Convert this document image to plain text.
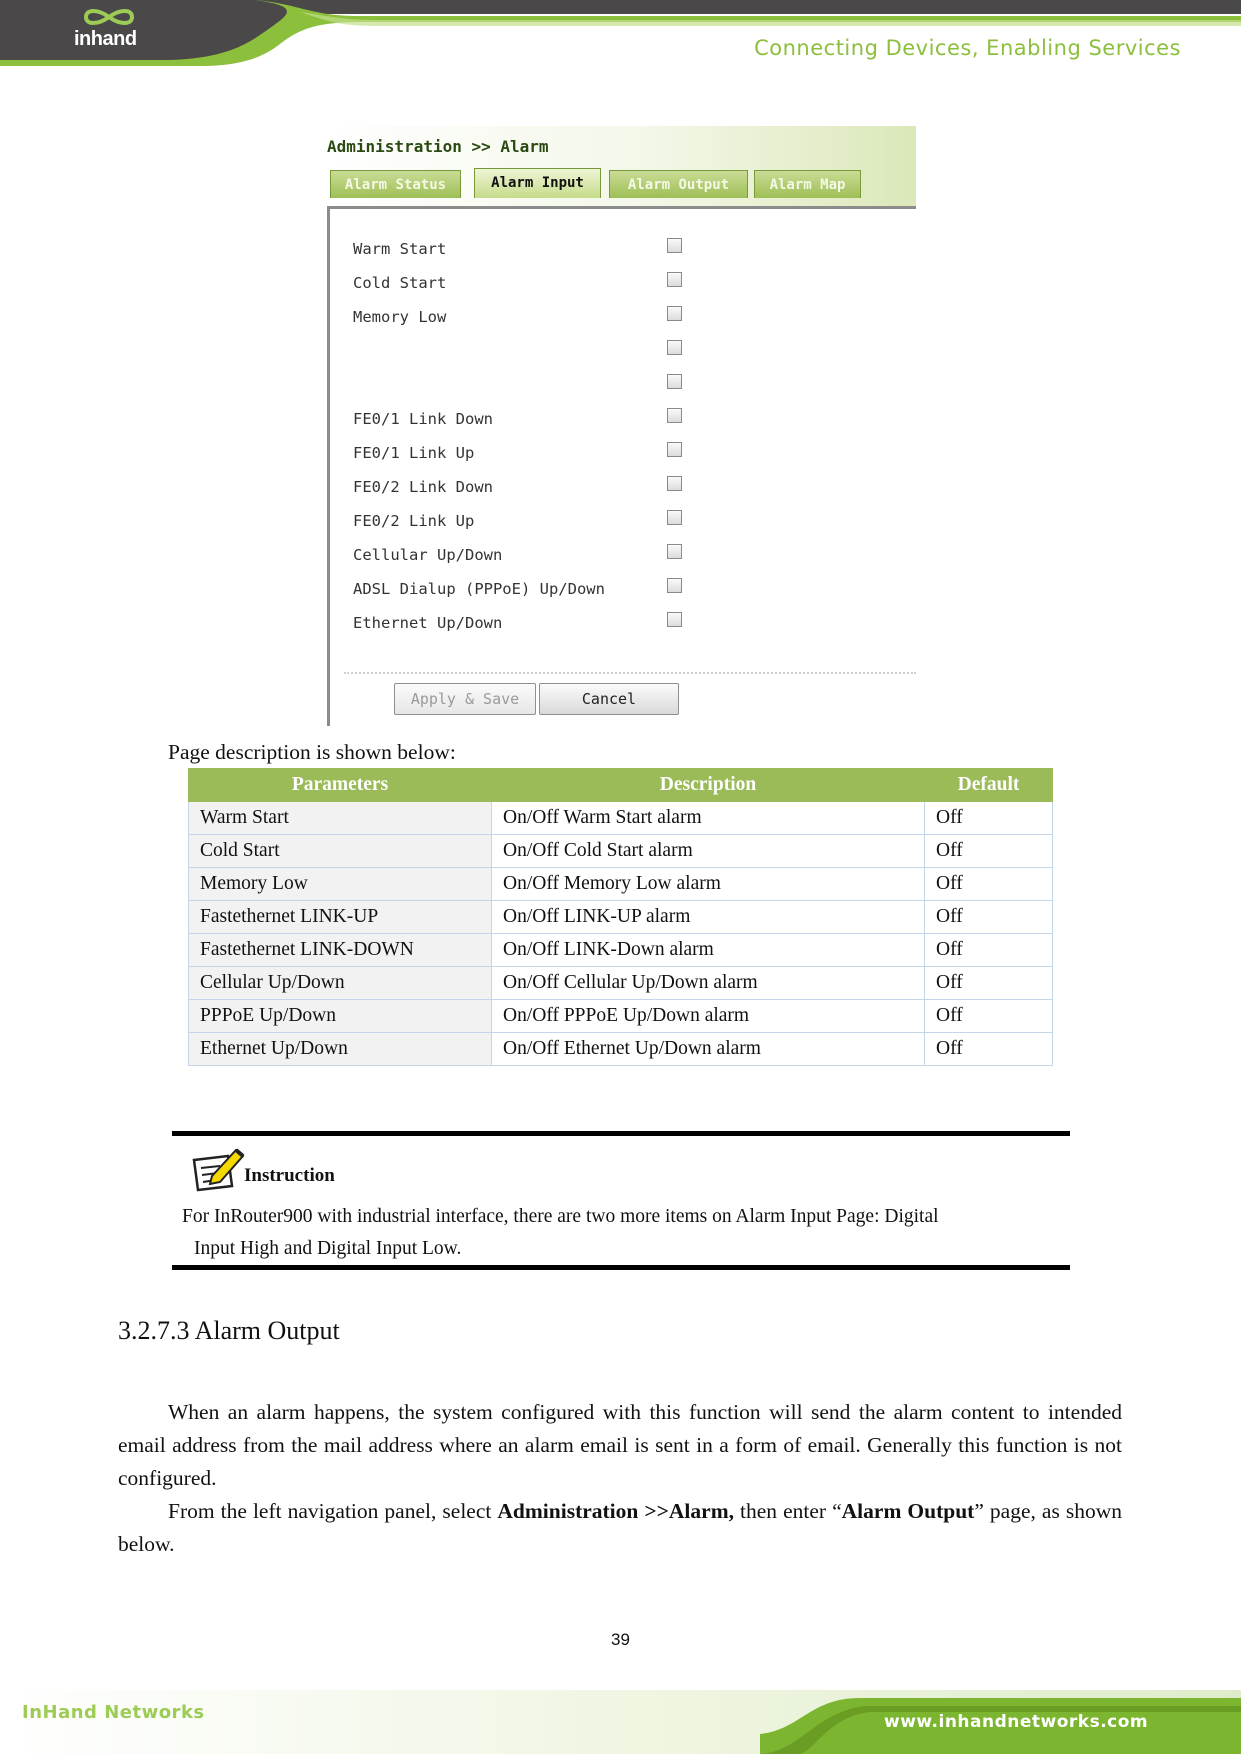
inhand	Connecting Devices, Enabling Services
Administration >> Alarm
Alarm Status	Alarm Input	Alarm Output	Alarm Map
Warm Start
Cold Start
Memory Low
FE0/1 Link Down
FE0/1 Link Up
FE0/2 Link Down
FE0/2 Link Up
Cellular Up/Down
ADSL Dialup (PPPoE) Up/Down
Ethernet Up/Down
Apply & Save	Cancel
Page description is shown below:
Parameters	Description	Default
Warm Start	On/Off Warm Start alarm	Off
Cold Start	On/Off Cold Start alarm	Off
Memory Low	On/Off Memory Low alarm	Off
Fastethernet LINK-UP	On/Off LINK-UP alarm	Off
Fastethernet LINK-DOWN	On/Off LINK-Down alarm	Off
Cellular Up/Down	On/Off Cellular Up/Down alarm	Off
PPPoE Up/Down	On/Off PPPoE Up/Down alarm	Off
Ethernet Up/Down	On/Off Ethernet Up/Down alarm	Off
Instruction
For InRouter900 with industrial interface, there are two more items on Alarm Input Page: Digital
Input High and Digital Input Low.
3.2.7.3 Alarm Output
When an alarm happens, the system configured with this function will send the alarm content to intended email address from the mail address where an alarm email is sent in a form of email. Generally this function is not configured.
From the left navigation panel, select Administration >>Alarm, then enter “Alarm Output” page, as shown below.
39
InHand Networks	www.inhandnetworks.com
